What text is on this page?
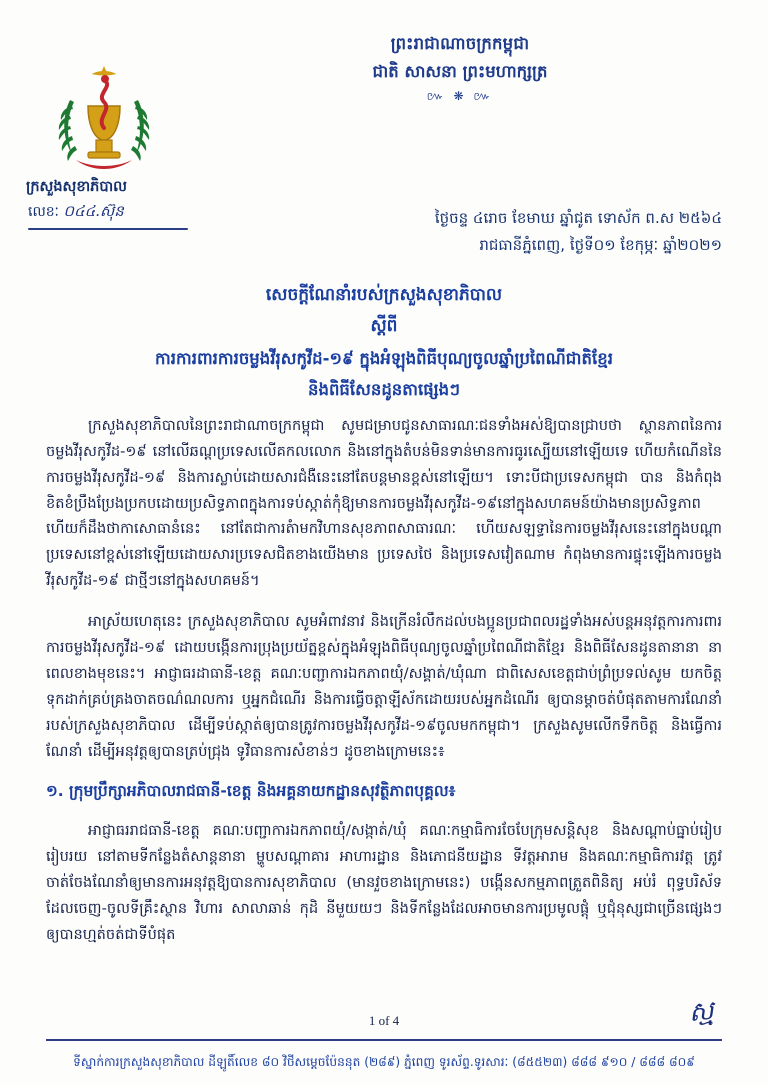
ព្រះរាជាណាចក្រកម្ពុជា
ជាតិ សាសនា ព្រះមហាក្សត្រ
៚ ❋ ៚
ក្រសួងសុខាភិបាល
លេខៈ ០៤៤.ស៊ុន	ថ្ងៃចន្ទ ៤រោច ខែមាឃ ឆ្នាំជូត ទោស័ក ព.ស ២៥៦៤
រាជធានីភ្នំពេញ, ថ្ងៃទី០១ ខែកុម្ភៈ ឆ្នាំ២០២១
សេចក្តីណែនាំរបស់ក្រសួងសុខាភិបាល
ស្តីពី
ការការពារការចម្លងវីរុសកូវីដ-១៩ ក្នុងអំឡុងពិធីបុណ្យចូលឆ្នាំប្រពៃណីជាតិខ្មែរ
និងពិធីសែនដូនតាផ្សេងៗ

ក្រសួងសុខាភិបាលនៃព្រះរាជាណាចក្រកម្ពុជា សូមជម្រាបជូនសាធារណៈជនទាំងអស់ឱ្យបានជ្រាបថា ស្ថានភាពនៃការចម្លងវីរុសកូវីដ-១៩ នៅលើឆណ្តប្រទេសលើគកលលោក និងនៅក្នុងតំបន់មិនទាន់មានការធូរស្បើយនៅឡើយទេ ហើយកំណើននៃការចម្លងវីរុសកូវីដ-១៩ និងការស្លាប់ដោយសារជំងឺនេះនៅតែបន្តមានខ្ពស់នៅឡើយ។ ទោះបីជាប្រទេសកម្ពុជា បាន និងកំពុងខិតខំប្រឹងប្រែងប្រកបដោយប្រសិទ្ធភាពក្នុងការទប់ស្កាត់កុំឱ្យមានការចម្លងវីរុសកូវីដ-១៩នៅក្នុងសហគមន៍យ៉ាងមានប្រសិទ្ធភាពហើយក៏ដឹងថាកាសោធានំនេះ នៅតែជាការតំាមកវិហានសុខភាពសាធារណៈ ហើយសឡទ្ធានៃការចម្លងវីរុសនេះនៅក្នុងបណ្តាប្រទេសនៅខ្ពស់នៅឡើយដោយសារប្រទេសជិតខាងយើងមាន ប្រទេសថៃ និងប្រទេសវៀតណាម កំពុងមានការផ្ទុះឡើងការចម្លងវីរុសកូវីដ-១៩ ជាថ្មីៗនៅក្នុងសហគមន៍។

អាស្រ័យហេតុនេះ ក្រសួងសុខាភិបាល សូមអំពាវនាវ និងក្រើនរំលឹកដល់បងប្អូនប្រជាពលរដ្ឋទាំងអស់បន្តអនុវត្តការការពារការចម្លងវីរុសកូវីដ-១៩ ដោយបង្កើនការប្រុងប្រយ័ត្នខ្ពស់ក្នុងអំឡុងពិធីបុណ្យចូលឆ្នាំប្រពៃណីជាតិខ្មែរ និងពិធីសែនដូនតានានា នាពេលខាងមុខនេះ។ អាជ្ញាធរដាធានី-ខេត្ត គណៈបញ្ជាការឯកភាពយុំ/សង្គាត់/ឃុំណា ជាពិសេសខេត្តជាប់ព្រំប្រទល់សូម យកចិត្តទុកដាក់គ្រប់គ្រងចាតចណ៌ណលការ ឬអ្នកជំណើរ និងការធ្វើចត្តាឡីស័កដោយរបស់អ្នកដំណើរ ឲ្យបានម្តាចត់បំផុតតាមការណែនាំរបស់ក្រសួងសុខាភិបាល ដើម្បីទប់ស្កាត់ឲ្យបានត្រូវការចម្លងវីរុសកូវីដ-១៩ចូលមកកម្ពុជា។ ក្រសួងសូមលើកទឹកចិត្ត និងធ្វើការណែនាំ ដើម្បីអនុវត្តឲ្យបានត្រប់ជ្រុង ទូវិធានការសំខាន់ៗ ដូចខាងក្រោមនេះ៖

១. ក្រុមប្រឹក្សាអភិបាលរាជធានី-ខេត្ត និងអគ្គនាយកដ្ឋានសុវត្ថិភាពបុគ្គល៖

អាជ្ញាធររាជធានី-ខេត្ត គណៈបញ្ជាការឯកភាពយុំ/សង្កាត់/ឃុំ គណៈកម្មាធិការចែបែក្រុមសន្តិសុខ និងសណ្តាប់ធ្នាប់រៀបរៀបរយ នៅតាមទីកន្លែងតំសាន្តនានា ម្ហូបសណ្តាគារ អាហារដ្ឋាន និងភោជនីយដ្ឋាន ទីវត្តអារាម និងគណៈកម្មាធិការវត្ត ត្រូវចាត់ចែងណែនាំឲ្យមានការអនុវត្តឱ្យបានការសុខាភិបាល (មានវួចខាងក្រោមនេះ) បង្កើនសកម្មភាពត្រួតពិនិត្យ អប់រំ ពុទ្ធបរិស័ទ ដែលចេញ-ចូលទីគ្រឹះស្ថាន វិហារ សាលាឆាន់ កុដិ នីមួយយៗ និងទីកន្លែងដែលអាចមានការប្រមូលផ្តុំ ឬជុំនុស្សជាច្រើនផ្សេងៗ ឲ្យបានហ្មត់ចត់ជាទីបំផុត

1 of 4	ស្ម
ទីស្នាក់ការក្រសួងសុខាភិបាល ដីឡូតិ៍លេខ ៨០ វិថីសម្តេចប៉ែននុត (២៨៩) ភ្នំពេញ ទូរស័ព្ទ.ទូរសារៈ (៨៥៥២៣) ៨៨៨ ៩១០ / ៨៨៨ ៨០៩
